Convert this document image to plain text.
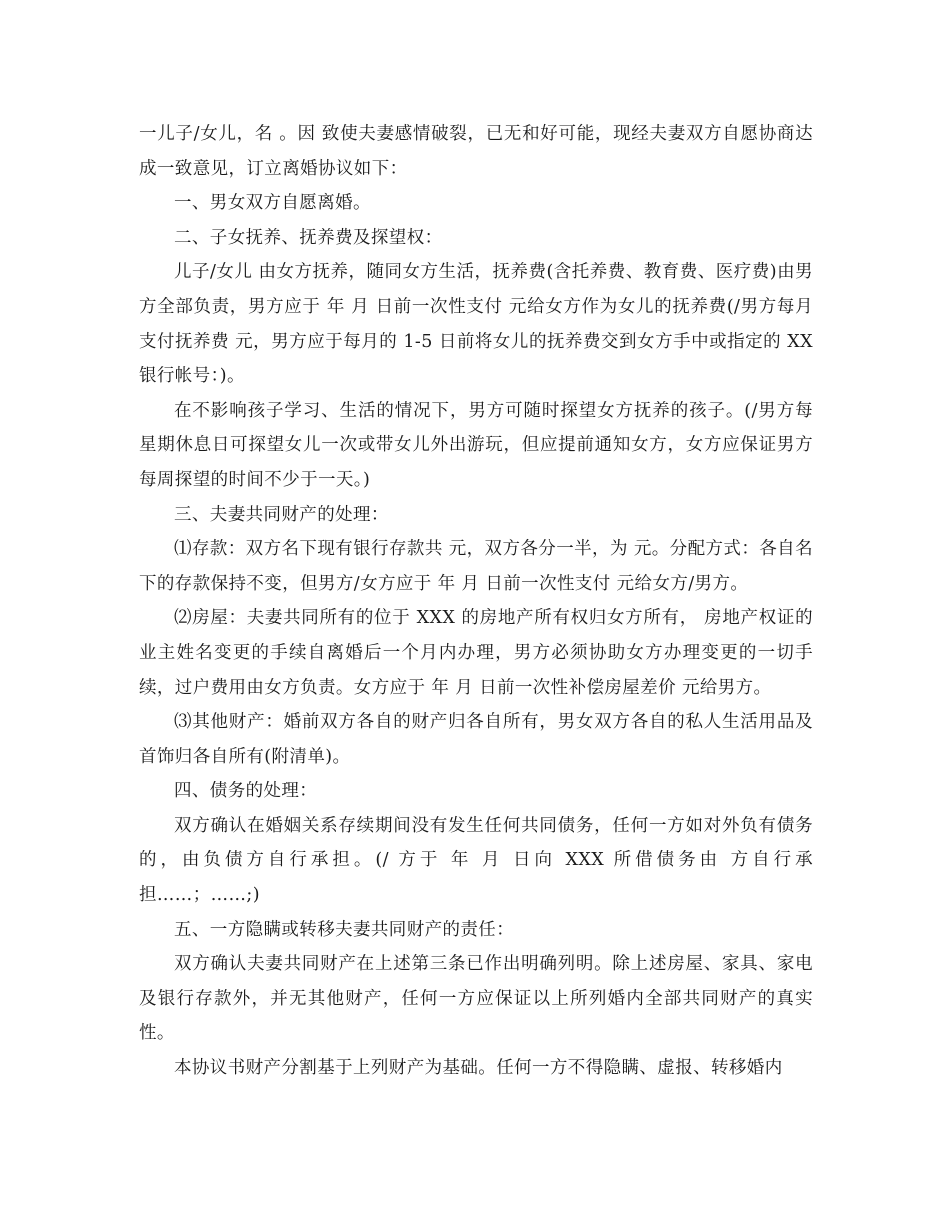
一儿子/女儿，名 。因 致使夫妻感情破裂，已无和好可能，现经夫妻双方自愿协商达成一致意见，订立离婚协议如下：

一、男女双方自愿离婚。

二、子女抚养、抚养费及探望权：

儿子/女儿 由女方抚养，随同女方生活，抚养费(含托养费、教育费、医疗费)由男方全部负责，男方应于 年 月 日前一次性支付 元给女方作为女儿的抚养费(/男方每月支付抚养费 元，男方应于每月的 1-5 日前将女儿的抚养费交到女方手中或指定的 XX 银行帐号：)。

在不影响孩子学习、生活的情况下，男方可随时探望女方抚养的孩子。(/男方每星期休息日可探望女儿一次或带女儿外出游玩，但应提前通知女方，女方应保证男方每周探望的时间不少于一天。)

三、夫妻共同财产的处理：

⑴存款：双方名下现有银行存款共 元，双方各分一半，为 元。分配方式：各自名下的存款保持不变，但男方/女方应于 年 月 日前一次性支付 元给女方/男方。

⑵房屋：夫妻共同所有的位于 XXX 的房地产所有权归女方所有， 房地产权证的业主姓名变更的手续自离婚后一个月内办理，男方必须协助女方办理变更的一切手续，过户费用由女方负责。女方应于 年 月 日前一次性补偿房屋差价 元给男方。

⑶其他财产：婚前双方各自的财产归各自所有，男女双方各自的私人生活用品及首饰归各自所有(附清单)。

四、债务的处理：

双方确认在婚姻关系存续期间没有发生任何共同债务，任何一方如对外负有债务的，由负债方自行承担。(/ 方于 年 月 日向 XXX 所借债务由 方自行承担……；……;)

五、一方隐瞒或转移夫妻共同财产的责任：

双方确认夫妻共同财产在上述第三条已作出明确列明。除上述房屋、家具、家电及银行存款外，并无其他财产，任何一方应保证以上所列婚内全部共同财产的真实性。

本协议书财产分割基于上列财产为基础。任何一方不得隐瞒、虚报、转移婚内
